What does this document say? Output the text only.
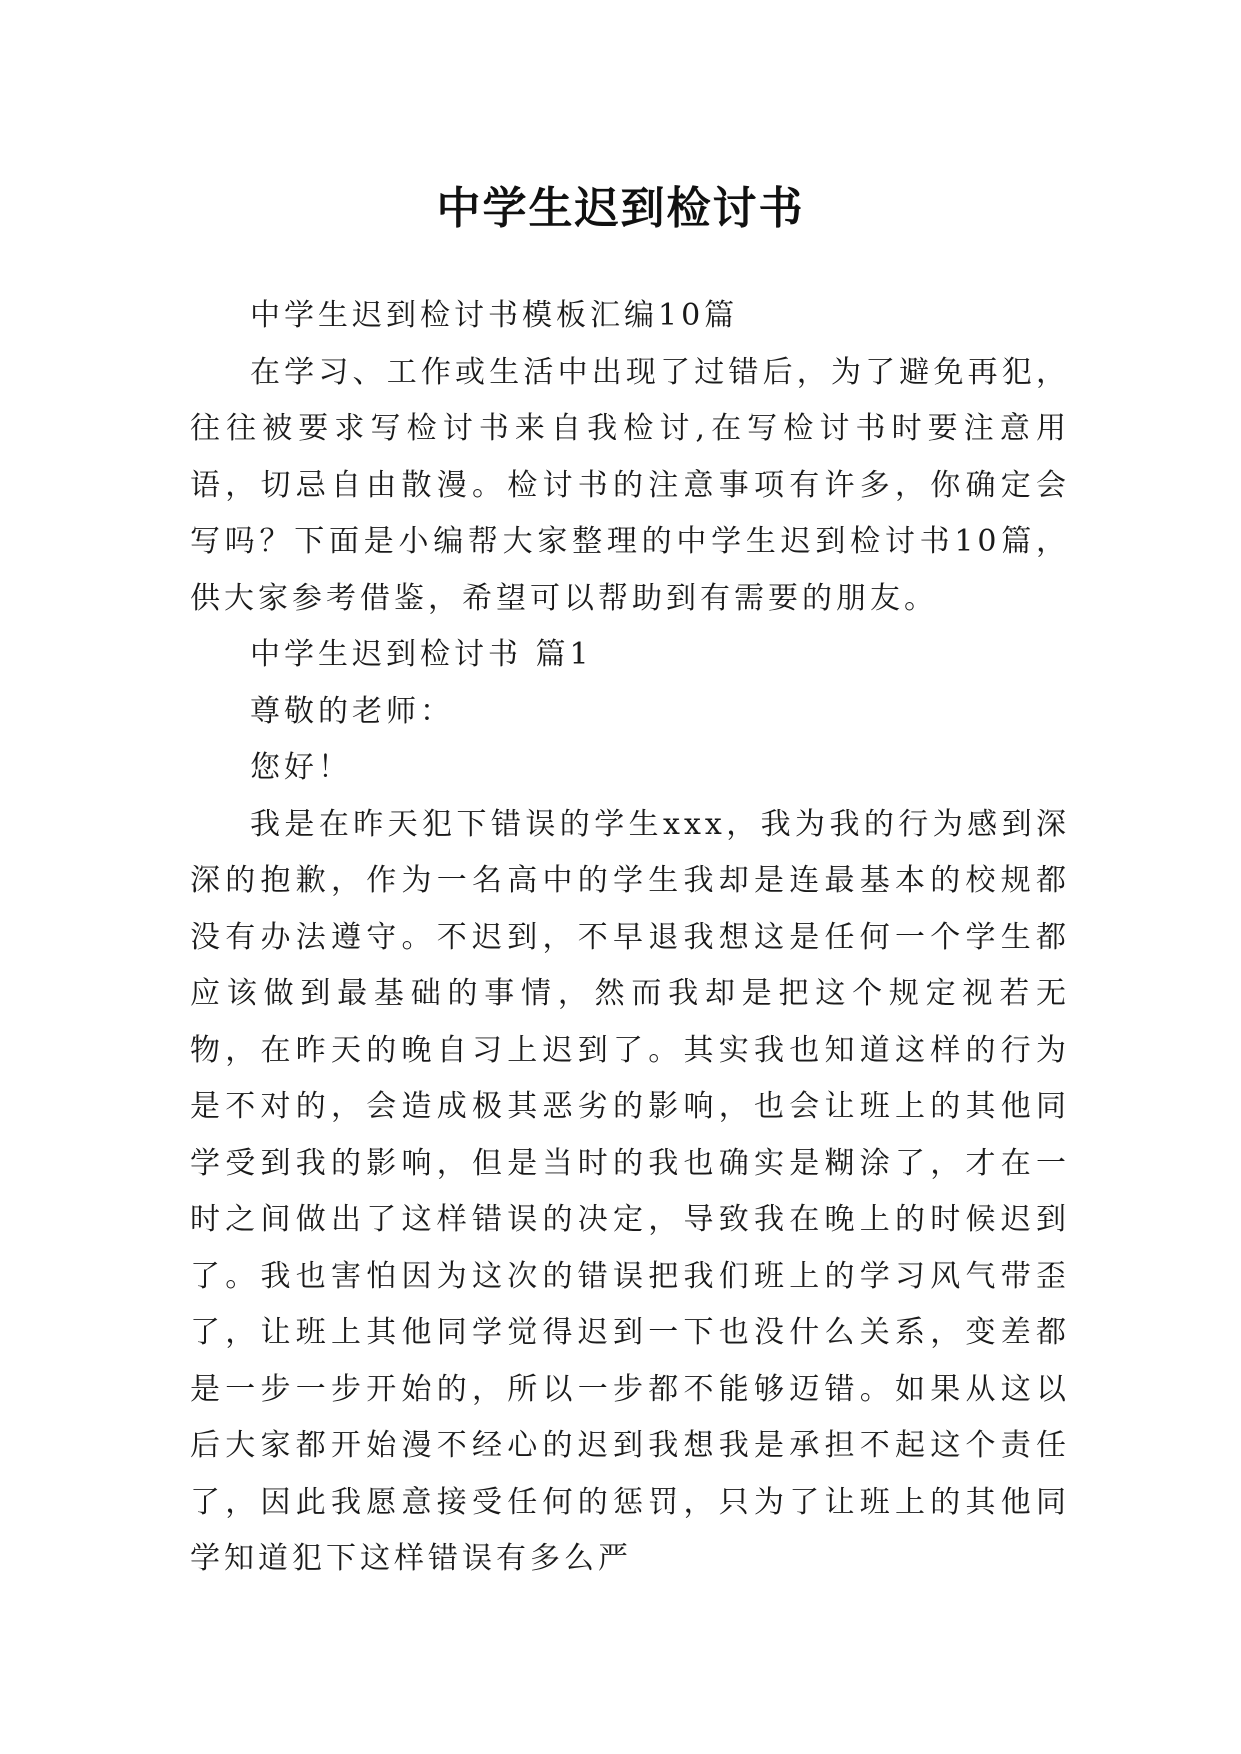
中学生迟到检讨书

中学生迟到检讨书模板汇编10篇

在学习、工作或生活中出现了过错后，为了避免再犯，往往被要求写检讨书来自我检讨,在写检讨书时要注意用语，切忌自由散漫。检讨书的注意事项有许多，你确定会写吗？下面是小编帮大家整理的中学生迟到检讨书10篇，供大家参考借鉴，希望可以帮助到有需要的朋友。

中学生迟到检讨书 篇1

尊敬的老师：

您好！

我是在昨天犯下错误的学生xxx，我为我的行为感到深深的抱歉，作为一名高中的学生我却是连最基本的校规都没有办法遵守。不迟到，不早退我想这是任何一个学生都应该做到最基础的事情，然而我却是把这个规定视若无物，在昨天的晚自习上迟到了。其实我也知道这样的行为是不对的，会造成极其恶劣的影响，也会让班上的其他同学受到我的影响，但是当时的我也确实是糊涂了，才在一时之间做出了这样错误的决定，导致我在晚上的时候迟到了。我也害怕因为这次的错误把我们班上的学习风气带歪了，让班上其他同学觉得迟到一下也没什么关系，变差都是一步一步开始的，所以一步都不能够迈错。如果从这以后大家都开始漫不经心的迟到我想我是承担不起这个责任了，因此我愿意接受任何的惩罚，只为了让班上的其他同学知道犯下这样错误有多么严
